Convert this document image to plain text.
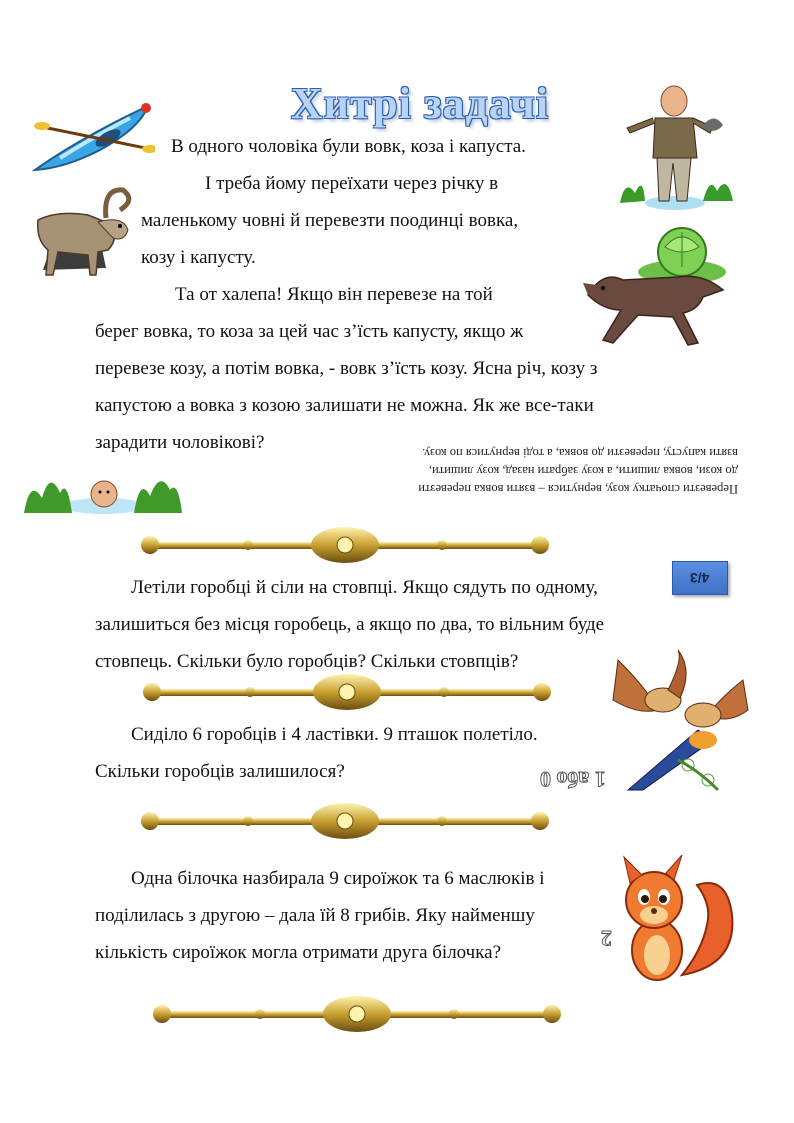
Хитрі задачі
В одного чоловіка були вовк, коза і капуста.
І треба йому переїхати через річку в
маленькому човні й перевезти поодинці вовка,
козу і капусту.
Та от халепа! Якщо він перевезе на той
берег вовка, то коза за цей час з’їсть капусту, якщо ж
перевезе козу, а потім вовка, - вовк з’їсть козу. Ясна річ, козу з
капустою а вовка з козою залишати не можна. Як же все-таки
зарадити чоловікові?
Перевезти спочатку козу, вернутися – взяти вовка перевезти
до кози, вовка лишити, а козу забрати назад, козу лишити,
взяти капусту, перевезти до вовка, а тоді вернутися по козу.
Летіли горобці й сіли на стовпці. Якщо сядуть по одному,
залишиться без місця горобець, а якщо по два, то вільним буде
стовпець. Скільки було горобців? Скільки стовпців?
4/3
Сиділо 6 горобців і 4 ластівки. 9 пташок полетіло.
Скільки горобців залишилося?	1 або 0
Одна білочка назбирала 9 сироїжок та 6 маслюків і
поділилась з другою – дала їй 8 грибів. Яку найменшу
кількість сироїжок могла отримати друга білочка?
2
